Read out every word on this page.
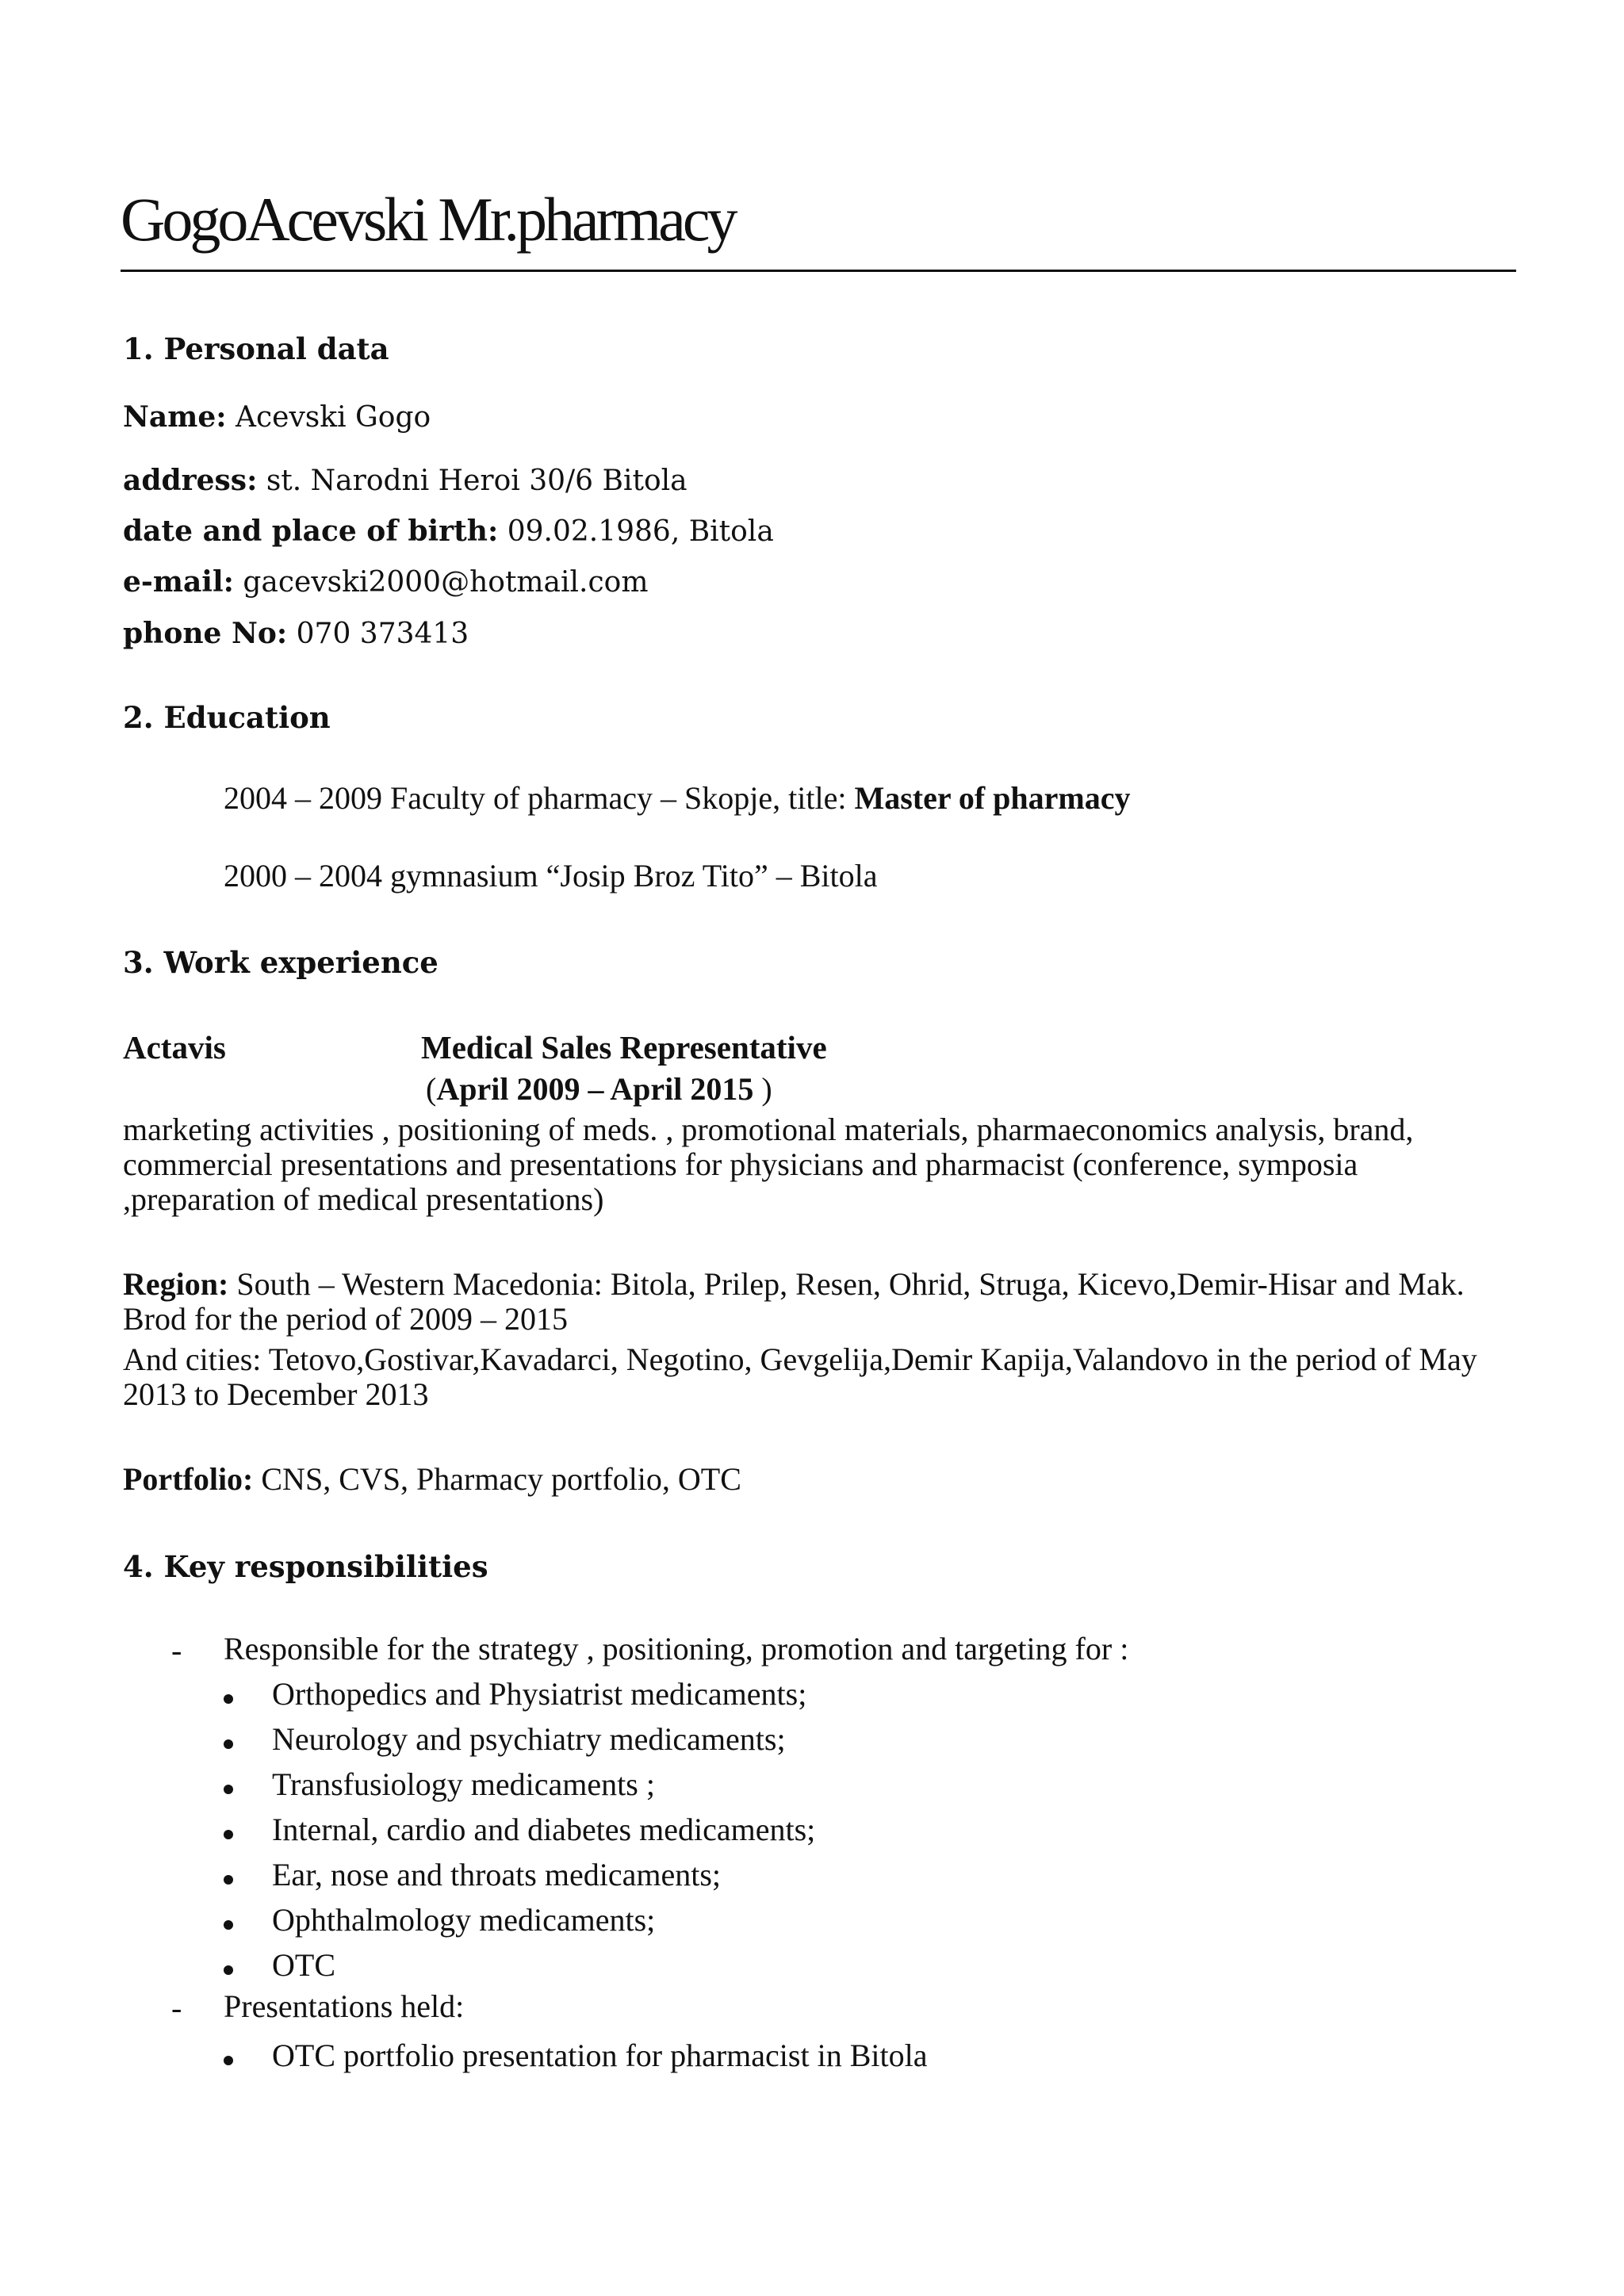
GogoAcevski Mr.pharmacy
1. Personal data
Name: Acevski Gogo
address: st. Narodni Heroi 30/6 Bitola
date and place of birth: 09.02.1986, Bitola
e-mail: gacevski2000@hotmail.com
phone No: 070 373413
2. Education
2004 – 2009 Faculty of pharmacy – Skopje, title: Master of pharmacy
2000 – 2004 gymnasium “Josip Broz Tito” – Bitola
3. Work experience
Actavis	Medical Sales Representative
(April 2009 – April 2015 )
marketing activities , positioning of meds. , promotional materials, pharmaeconomics analysis, brand,
commercial presentations and presentations for physicians and pharmacist (conference, symposia
,preparation of medical presentations)
Region: South – Western Macedonia: Bitola, Prilep, Resen, Ohrid, Struga, Kicevo,Demir-Hisar and Mak.
Brod for the period of 2009 – 2015
And cities: Tetovo,Gostivar,Kavadarci, Negotino, Gevgelija,Demir Kapija,Valandovo in the period of May
2013 to December 2013
Portfolio: CNS, CVS, Pharmacy portfolio, OTC
4. Key responsibilities
- Responsible for the strategy , positioning, promotion and targeting for :
Orthopedics and Physiatrist medicaments;
Neurology and psychiatry medicaments;
Transfusiology medicaments ;
Internal, cardio and diabetes medicaments;
Ear, nose and throats medicaments;
Ophthalmology medicaments;
OTC
- Presentations held:
OTC portfolio presentation for pharmacist in Bitola
